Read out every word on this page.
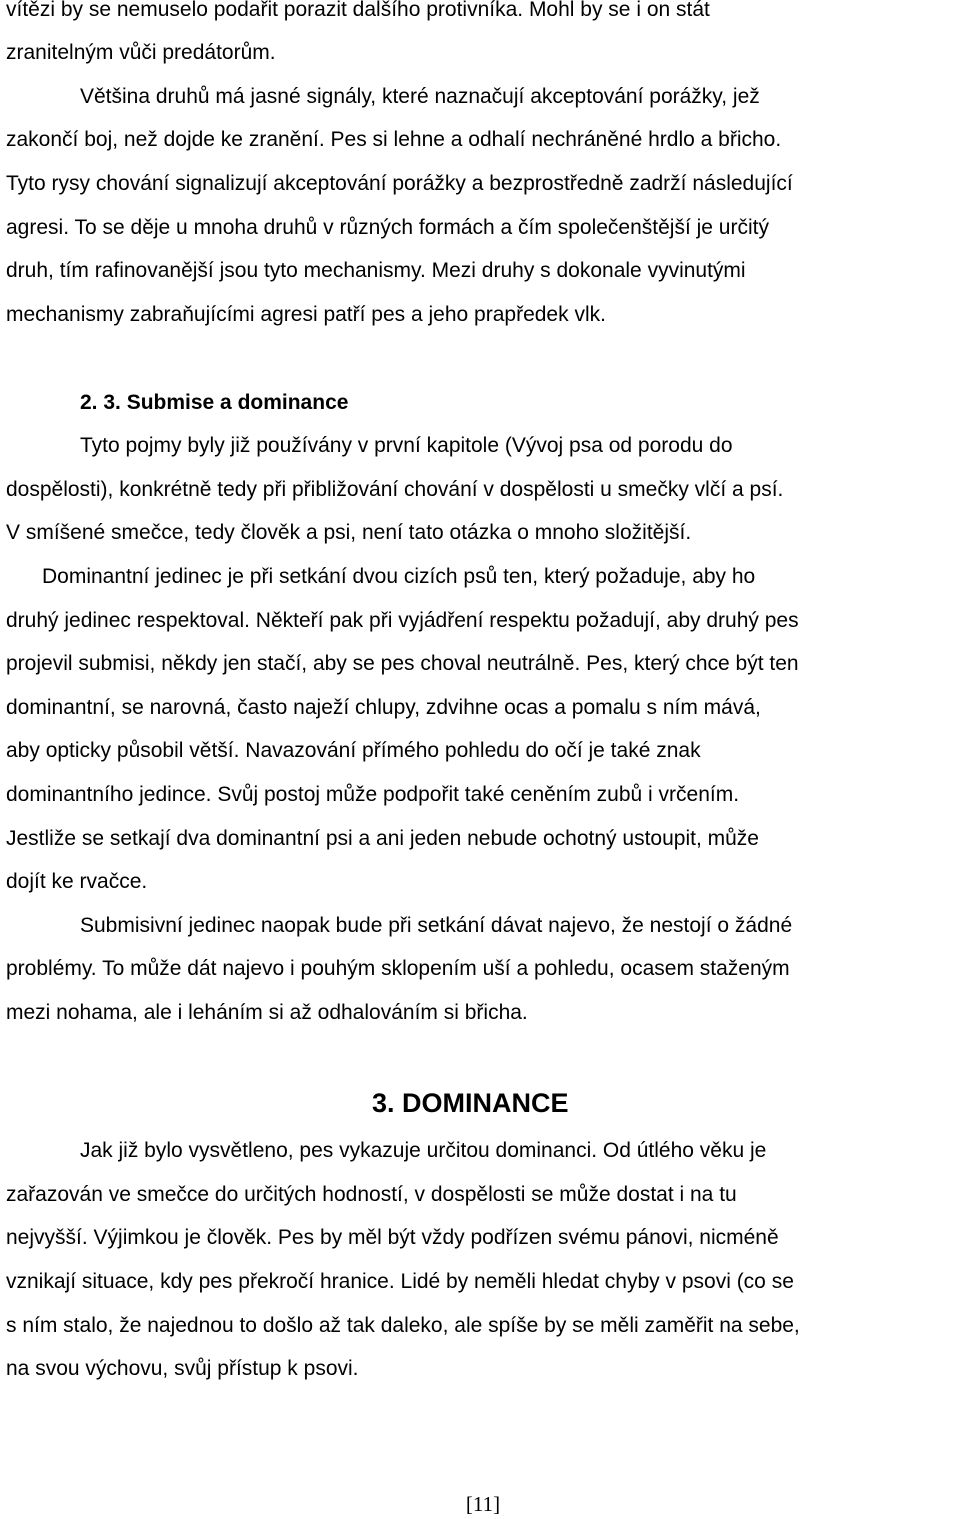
vítězi by se nemuselo podařit porazit dalšího protivníka. Mohl by se i on stát
zranitelným vůči predátorům.
Většina druhů má jasné signály, které naznačují akceptování porážky, jež
zakončí boj, než dojde ke zranění. Pes si lehne a odhalí nechráněné hrdlo a břicho.
Tyto rysy chování signalizují akceptování porážky a bezprostředně zadrží následující
agresi. To se děje u mnoha druhů v různých formách a čím společenštější je určitý
druh, tím rafinovanější jsou tyto mechanismy. Mezi druhy s dokonale vyvinutými
mechanismy zabraňujícími agresi patří pes a jeho prapředek vlk.
2. 3. Submise a dominance
Tyto pojmy byly již používány v první kapitole (Vývoj psa od porodu do
dospělosti), konkrétně tedy při přibližování chování v dospělosti u smečky vlčí a psí.
V smíšené smečce, tedy člověk a psi, není tato otázka o mnoho složitější.
Dominantní jedinec je při setkání dvou cizích psů ten, který požaduje, aby ho
druhý jedinec respektoval. Někteří pak při vyjádření respektu požadují, aby druhý pes
projevil submisi, někdy jen stačí, aby se pes choval neutrálně. Pes, který chce být ten
dominantní, se narovná, často naježí chlupy, zdvihne ocas a pomalu s ním mává,
aby opticky působil větší. Navazování přímého pohledu do očí je také znak
dominantního jedince. Svůj postoj může podpořit také ceněním zubů i vrčením.
Jestliže se setkají dva dominantní psi a ani jeden nebude ochotný ustoupit, může
dojít ke rvačce.
Submisivní jedinec naopak bude při setkání dávat najevo, že nestojí o žádné
problémy. To může dát najevo i pouhým sklopením uší a pohledu, ocasem staženým
mezi nohama, ale i leháním si až odhalováním si břicha.
3. DOMINANCE
Jak již bylo vysvětleno, pes vykazuje určitou dominanci. Od útlého věku je
zařazován ve smečce do určitých hodností, v dospělosti se může dostat i na tu
nejvyšší. Výjimkou je člověk. Pes by měl být vždy podřízen svému pánovi, nicméně
vznikají situace, kdy pes překročí hranice. Lidé by neměli hledat chyby v psovi (co se
s ním stalo, že najednou to došlo až tak daleko, ale spíše by se měli zaměřit na sebe,
na svou výchovu, svůj přístup k psovi.
[11]
